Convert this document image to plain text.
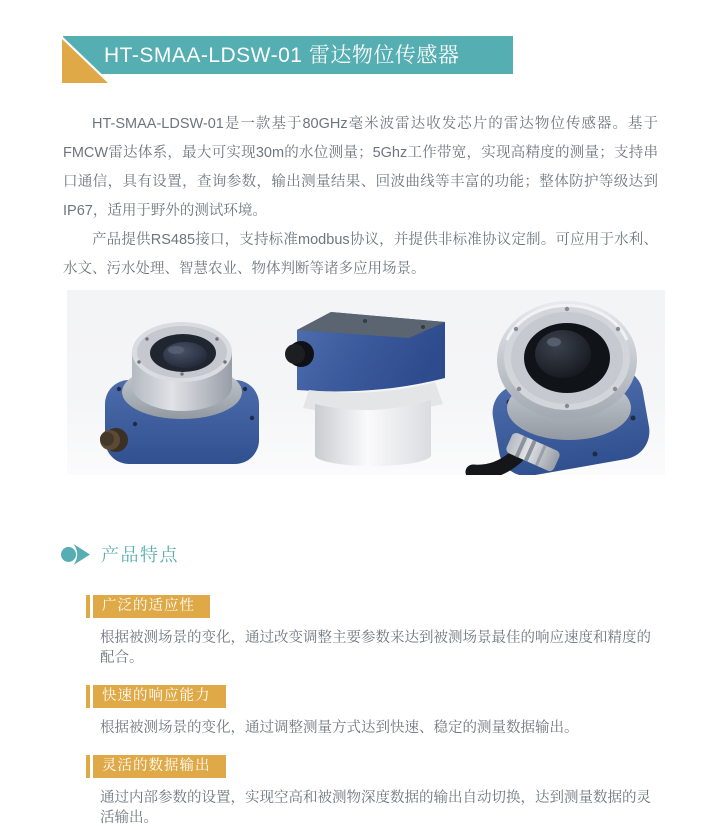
HT-SMAA-LDSW-01 雷达物位传感器

HT-SMAA-LDSW-01是一款基于80GHz毫米波雷达收发芯片的雷达物位传感器。基于FMCW雷达体系，最大可实现30m的水位测量；5Ghz工作带宽，实现高精度的测量；支持串口通信，具有设置，查询参数，输出测量结果、回波曲线等丰富的功能；整体防护等级达到IP67，适用于野外的测试环境。

产品提供RS485接口，支持标准modbus协议，并提供非标准协议定制。可应用于水利、水文、污水处理、智慧农业、物体判断等诸多应用场景。

产品特点
广泛的适应性
根据被测场景的变化，通过改变调整主要参数来达到被测场景最佳的响应速度和精度的配合。
快速的响应能力
根据被测场景的变化，通过调整测量方式达到快速、稳定的测量数据输出。
灵活的数据输出
通过内部参数的设置，实现空高和被测物深度数据的输出自动切换，达到测量数据的灵活输出。
